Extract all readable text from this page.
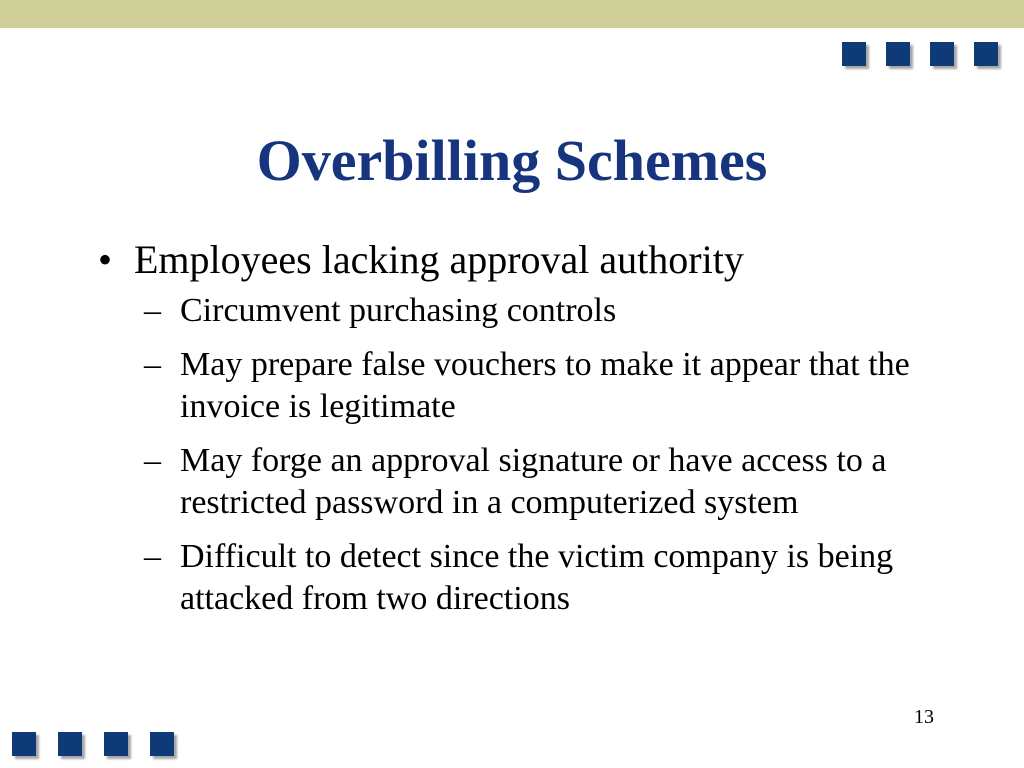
Overbilling Schemes
• Employees lacking approval authority
– Circumvent purchasing controls
– May prepare false vouchers to make it appear that the invoice is legitimate
– May forge an approval signature or have access to a restricted password in a computerized system
– Difficult to detect since the victim company is being attacked from two directions
13
